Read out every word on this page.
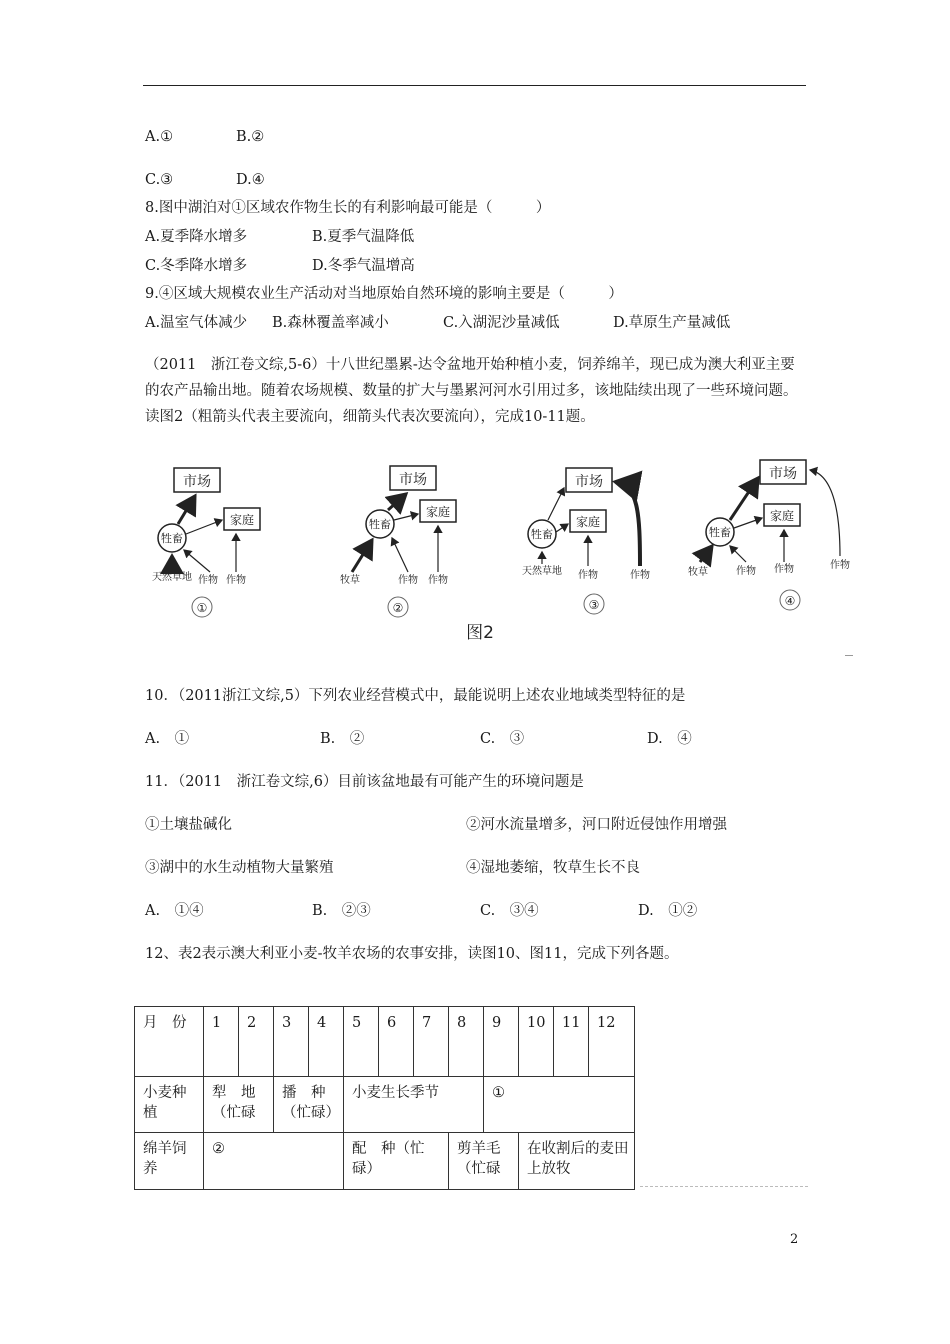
A.①	B.②
C.③	D.④
8.图中湖泊对①区域农作物生长的有利影响最可能是（　　　）
A.夏季降水增多	B.夏季气温降低
C.冬季降水增多	D.冬季气温增高
9.④区域大规模农业生产活动对当地原始自然环境的影响主要是（　　　）
A.温室气体减少 B.森林覆盖率减小	C.入湖泥沙量减低	D.草原生产量减低
（2011　浙江卷文综,5-6）十八世纪墨累-达令盆地开始种植小麦，饲养绵羊，现已成为澳大利亚主要的农产品输出地。随着农场规模、数量的扩大与墨累河河水引用过多，该地陆续出现了一些环境问题。读图2（粗箭头代表主要流向，细箭头代表次要流向），完成10-11题。
市场
家庭
牲畜
天然草地 作物 作物
①
市场
家庭
牲畜
牧草	作物 作物
②
市场
家庭
牲畜
天然草地 作物	作物
③
市场
家庭
牲畜
牧草	作物 作物	作物
④
图2
10．（2011浙江文综,5）下列农业经营模式中，最能说明上述农业地域类型特征的是
A.　①	B.　②	C.　③	D.　④
11．（2011　浙江卷文综,6）目前该盆地最有可能产生的环境问题是
①土壤盐碱化	②河水流量增多，河口附近侵蚀作用增强
③湖中的水生动植物大量繁殖	④湿地萎缩，牧草生长不良
A.　①④	B.　②③	C.　③④	D.　①②
12、表2表示澳大利亚小麦-牧羊农场的农事安排，读图10、图11，完成下列各题。
月　份	1	2	3	4	5	6	7	8	9	10	11	12
小麦种植	犁　地（忙碌		播　种（忙碌）		小麦生长季节				①			
绵羊饲养	②				配　种（忙碌）			剪羊毛（忙碌		在收割后的麦田上放牧		
2
